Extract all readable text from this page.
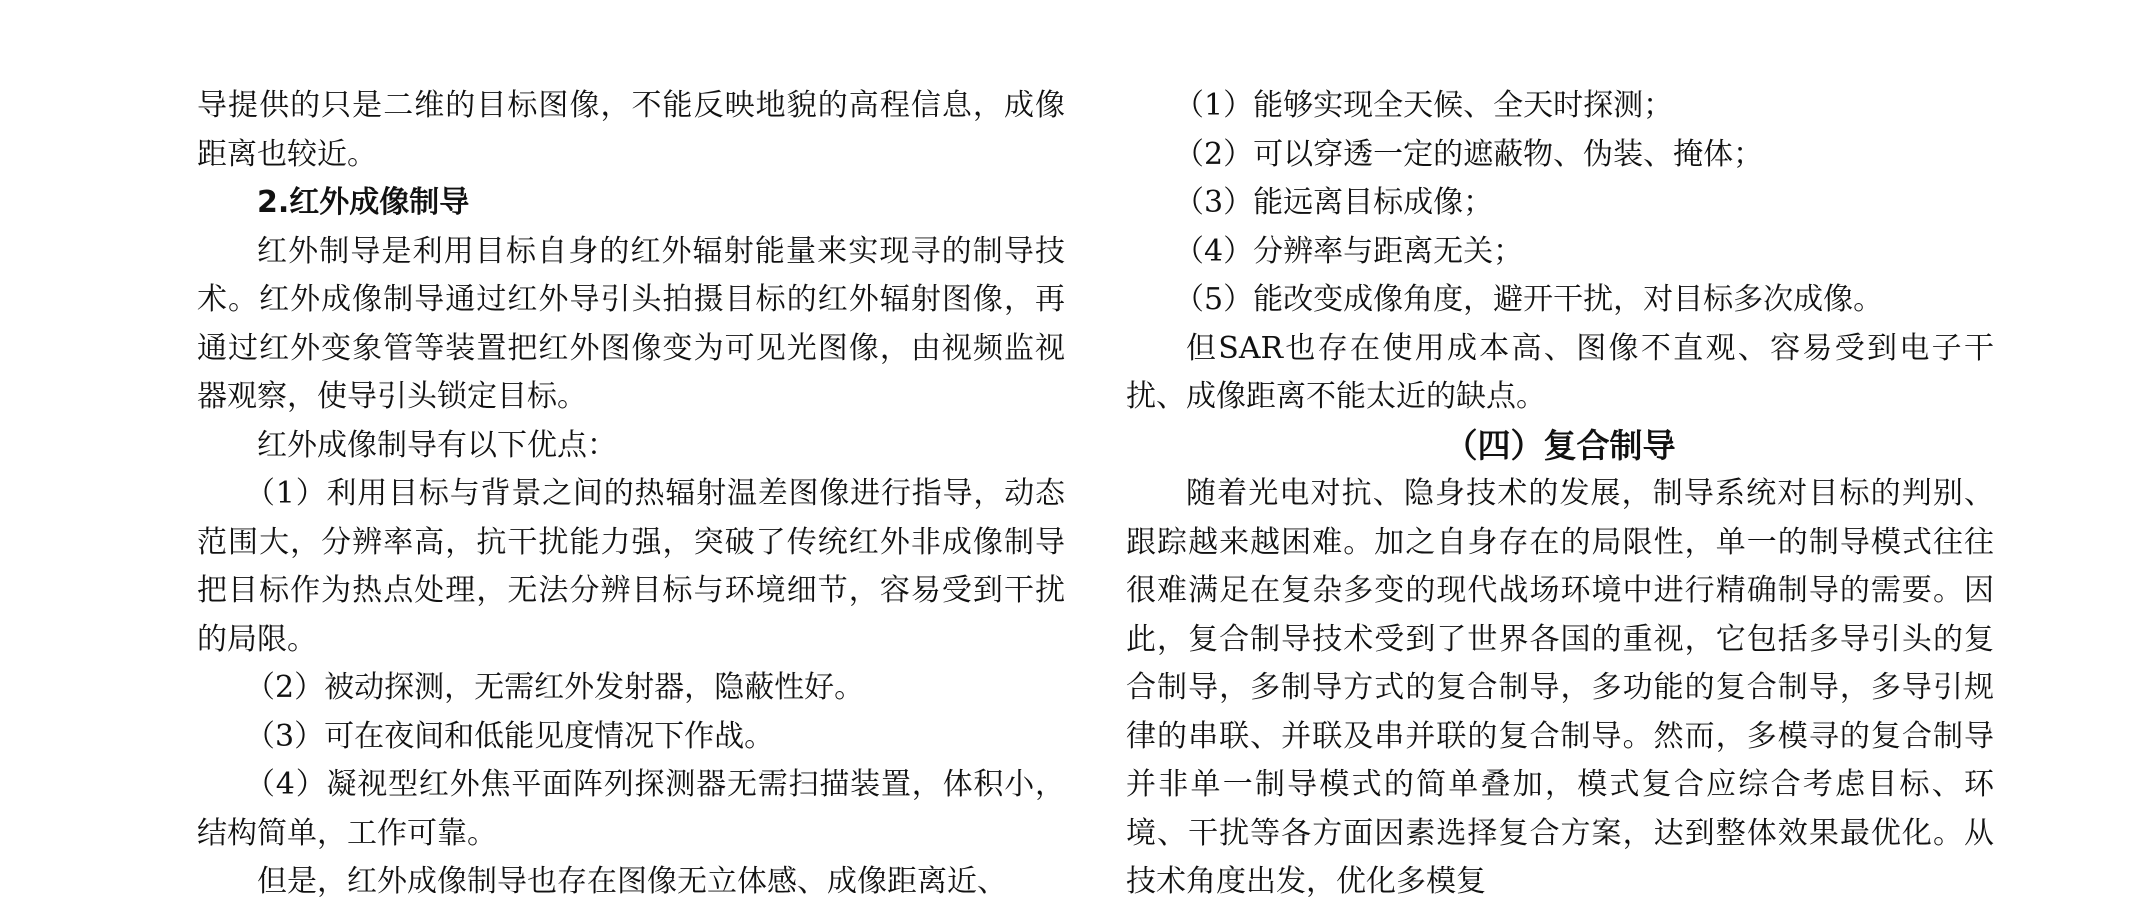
导提供的只是二维的目标图像，不能反映地貌的高程信息，成像距离也较近。

2.红外成像制导

红外制导是利用目标自身的红外辐射能量来实现寻的制导技术。红外成像制导通过红外导引头拍摄目标的红外辐射图像，再通过红外变象管等装置把红外图像变为可见光图像，由视频监视器观察，使导引头锁定目标。

红外成像制导有以下优点：

（1）利用目标与背景之间的热辐射温差图像进行指导，动态范围大，分辨率高，抗干扰能力强，突破了传统红外非成像制导把目标作为热点处理，无法分辨目标与环境细节，容易受到干扰的局限。

（2）被动探测，无需红外发射器，隐蔽性好。

（3）可在夜间和低能见度情况下作战。

（4）凝视型红外焦平面阵列探测器无需扫描装置，体积小，结构简单，工作可靠。

但是，红外成像制导也存在图像无立体感、成像距离近、

（1）能够实现全天候、全天时探测；

（2）可以穿透一定的遮蔽物、伪装、掩体；

（3）能远离目标成像；

（4）分辨率与距离无关；

（5）能改变成像角度，避开干扰，对目标多次成像。

但SAR也存在使用成本高、图像不直观、容易受到电子干扰、成像距离不能太近的缺点。

（四）复合制导

随着光电对抗、隐身技术的发展，制导系统对目标的判别、跟踪越来越困难。加之自身存在的局限性，单一的制导模式往往很难满足在复杂多变的现代战场环境中进行精确制导的需要。因此，复合制导技术受到了世界各国的重视，它包括多导引头的复合制导，多制导方式的复合制导，多功能的复合制导，多导引规律的串联、并联及串并联的复合制导。然而，多模寻的复合制导并非单一制导模式的简单叠加，模式复合应综合考虑目标、环境、干扰等各方面因素选择复合方案，达到整体效果最优化。从技术角度出发，优化多模复
